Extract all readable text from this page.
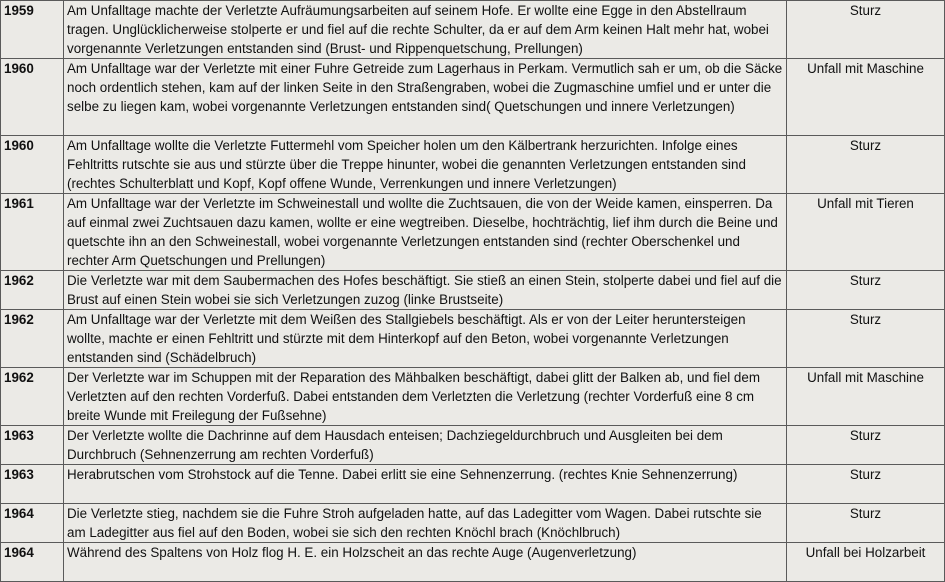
1959	Am Unfalltage machte der Verletzte Aufräumungsarbeiten auf seinem Hofe. Er wollte eine Egge in den Abstellraum tragen. Unglücklicherweise stolperte er und fiel auf die rechte Schulter, da er auf dem Arm keinen Halt mehr hat, wobei vorgenannte Verletzungen entstanden sind (Brust- und Rippenquetschung, Prellungen)	Sturz
1960	Am Unfalltage war der Verletzte mit einer Fuhre Getreide zum Lagerhaus in Perkam. Vermutlich sah er um, ob die Säcke noch ordentlich stehen, kam auf der linken Seite in den Straßengraben, wobei die Zugmaschine umfiel und er unter die selbe zu liegen kam, wobei vorgenannte Verletzungen entstanden sind( Quetschungen und innere Verletzungen)	Unfall mit Maschine
1960	Am Unfalltage wollte die Verletzte Futtermehl vom Speicher holen um den Kälbertrank herzurichten. Infolge eines Fehltritts rutschte sie aus und stürzte über die Treppe hinunter, wobei die genannten Verletzungen entstanden sind (rechtes Schulterblatt und Kopf, Kopf offene Wunde, Verrenkungen und innere Verletzungen)	Sturz
1961	Am Unfalltage war der Verletzte im Schweinestall und wollte die Zuchtsauen, die von der Weide kamen, einsperren. Da auf einmal zwei Zuchtsauen dazu kamen, wollte er eine wegtreiben. Dieselbe, hochträchtig, lief ihm durch die Beine und quetschte ihn an den Schweinestall, wobei vorgenannte Verletzungen entstanden sind (rechter Oberschenkel und rechter Arm Quetschungen und Prellungen)	Unfall mit Tieren
1962	Die Verletzte war mit dem Saubermachen des Hofes beschäftigt. Sie stieß an einen Stein, stolperte dabei und fiel auf die Brust auf einen Stein wobei sie sich Verletzungen zuzog (linke Brustseite)	Sturz
1962	Am Unfalltage war der Verletzte mit dem Weißen des Stallgiebels beschäftigt. Als er von der Leiter heruntersteigen wollte, machte er einen Fehltritt und stürzte mit dem Hinterkopf auf den Beton, wobei vorgenannte Verletzungen entstanden sind (Schädelbruch)	Sturz
1962	Der Verletzte war im Schuppen mit der Reparation des Mähbalken beschäftigt, dabei glitt der Balken ab, und fiel dem Verletzten auf den rechten Vorderfuß. Dabei entstanden dem Verletzten die Verletzung (rechter Vorderfuß eine 8 cm breite Wunde mit Freilegung der Fußsehne)	Unfall mit Maschine
1963	Der Verletzte wollte die Dachrinne auf dem Hausdach enteisen; Dachziegeldurchbruch und Ausgleiten bei dem Durchbruch (Sehnenzerrung am rechten Vorderfuß)	Sturz
1963	Herabrutschen vom Strohstock auf die Tenne. Dabei erlitt sie eine Sehnenzerrung. (rechtes Knie Sehnenzerrung)	Sturz
1964	Die Verletzte stieg, nachdem sie die Fuhre Stroh aufgeladen hatte, auf das Ladegitter vom Wagen. Dabei rutschte sie am Ladegitter aus fiel auf den Boden, wobei sie sich den rechten Knöchl brach (Knöchlbruch)	Sturz
1964	Während des Spaltens von Holz flog H. E. ein Holzscheit an das rechte Auge (Augenverletzung)	Unfall bei Holzarbeit
